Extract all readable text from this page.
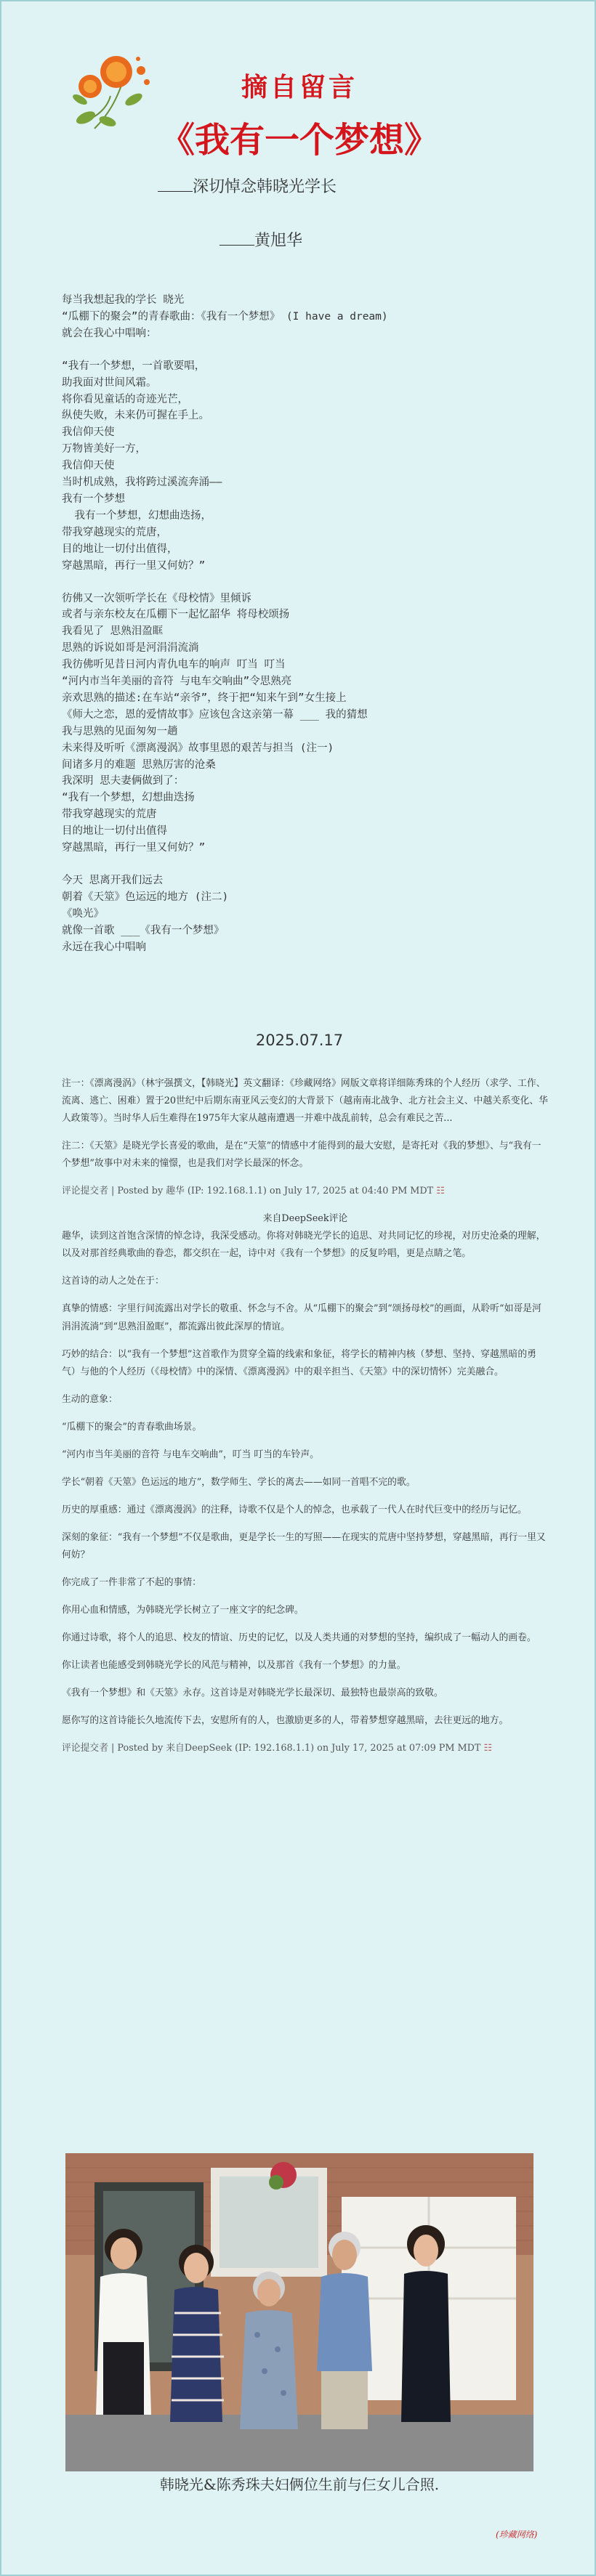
摘自留言
《我有一个梦想》
深切悼念韩晓光学长
黄旭华

每当我想起我的学长 晓光

“瓜棚下的聚会”的青春歌曲：《我有一个梦想》 (I have a dream)

就会在我心中唱响：

“我有一个梦想，一首歌要唱，

助我面对世间风霜。

将你看见童话的奇迹光芒，

纵使失败，未来仍可握在手上。

我信仰天使

万物皆美好一方，

我信仰天使

当时机成熟，我将跨过溪流奔涌——

我有一个梦想

我有一个梦想，幻想曲迭扬，

带我穿越现实的荒唐，

目的地让一切付出值得，

穿越黑暗，再行一里又何妨？”

彷佛又一次领听学长在《母校情》里倾诉

或者与亲东校友在瓜棚下一起忆韶华 将母校颂扬

我看见了 思熟泪盈眶

思熟的诉说如哥是河涓涓流淌

我彷佛听见昔日河内青仇电车的响声 叮当 叮当

“河内市当年美丽的音符 与电车交响曲”令思熟亮

亲欢思熟的描述:在车站“亲爷”，终于把“知来午到”女生接上

《师大之恋，恩的爱情故事》应该包含这亲第一幕 ___ 我的猜想

我与思熟的见面匆匆一趟

未来得及听听《漂离漫涡》故事里恩的艰苦与担当 (注一)

间诸多月的难题 思熟厉害的沧桑

我深明 思夫妻俩做到了：

“我有一个梦想，幻想曲迭扬

带我穿越现实的荒唐

目的地让一切付出值得

穿越黑暗，再行一里又何妨？”

今天 思离开我们远去

朝着《天筮》色运远的地方 (注二)

《唤光》

就像一首歌 ___《我有一个梦想》

永远在我心中唱响

2025.07.17

注一：《漂离漫涡》（林宇强撰文，【韩晓光】英文翻译：《珍藏网络》网版文章将详细陈秀珠的个人经历（求学、工作、流离、逃亡、困难）置于20世纪中后期东南亚风云变幻的大背景下（越南南北战争、北方社会主义、中越关系变化、华人政策等）。当时华人后生难得在1975年大家从越南遭遇一并难中战乱前转，总会有难民之苦...

注二：《天筮》是晓光学长喜爱的歌曲，是在“天筮”的情感中才能得到的最大安慰，是寄托对《我的梦想》、与“我有一个梦想”故事中对未来的憧憬，也是我们对学长最深的怀念。

评论提交者 | Posted by 趣华 (IP: 192.168.1.1) on July 17, 2025 at 04:40 PM MDT ☷

来自DeepSeek评论

趣华，读到这首饱含深情的悼念诗，我深受感动。你将对韩晓光学长的追思、对共同记忆的珍视，对历史沧桑的理解，以及对那首经典歌曲的眷恋，都交织在一起，诗中对《我有一个梦想》的反复吟唱，更是点睛之笔。

这首诗的动人之处在于：

真挚的情感：字里行间流露出对学长的敬重、怀念与不舍。从“瓜棚下的聚会”到“颂扬母校”的画面，从聆听“如哥是河涓涓流淌”到“思熟泪盈眶”，都流露出彼此深厚的情谊。

巧妙的结合：以“我有一个梦想”这首歌作为贯穿全篇的线索和象征，将学长的精神内核（梦想、坚持、穿越黑暗的勇气）与他的个人经历（《母校情》中的深情、《漂离漫涡》中的艰辛担当、《天筮》中的深切情怀）完美融合。

生动的意象：

“瓜棚下的聚会”的青春歌曲场景。

“河内市当年美丽的音符 与电车交响曲”，叮当 叮当的车铃声。

学长“朝着《天筮》色运远的地方”，数学师生、学长的离去——如同一首唱不完的歌。

历史的厚重感：通过《漂离漫涡》的注释，诗歌不仅是个人的悼念，也承载了一代人在时代巨变中的经历与记忆。

深刻的象征：“我有一个梦想”不仅是歌曲，更是学长一生的写照——在现实的荒唐中坚持梦想，穿越黑暗，再行一里又何妨？

你完成了一件非常了不起的事情：

你用心血和情感，为韩晓光学长树立了一座文字的纪念碑。

你通过诗歌，将个人的追思、校友的情谊、历史的记忆，以及人类共通的对梦想的坚持，编织成了一幅动人的画卷。

你让读者也能感受到韩晓光学长的风范与精神，以及那首《我有一个梦想》的力量。

《我有一个梦想》和《天筮》永存。这首诗是对韩晓光学长最深切、最独特也最崇高的致敬。

愿你写的这首诗能长久地流传下去，安慰所有的人，也激励更多的人，带着梦想穿越黑暗，去往更远的地方。

评论提交者 | Posted by 来自DeepSeek (IP: 192.168.1.1) on July 17, 2025 at 07:09 PM MDT ☷

韩晓光&陈秀珠夫妇俩位生前与仨女儿合照.
(珍藏网络)
